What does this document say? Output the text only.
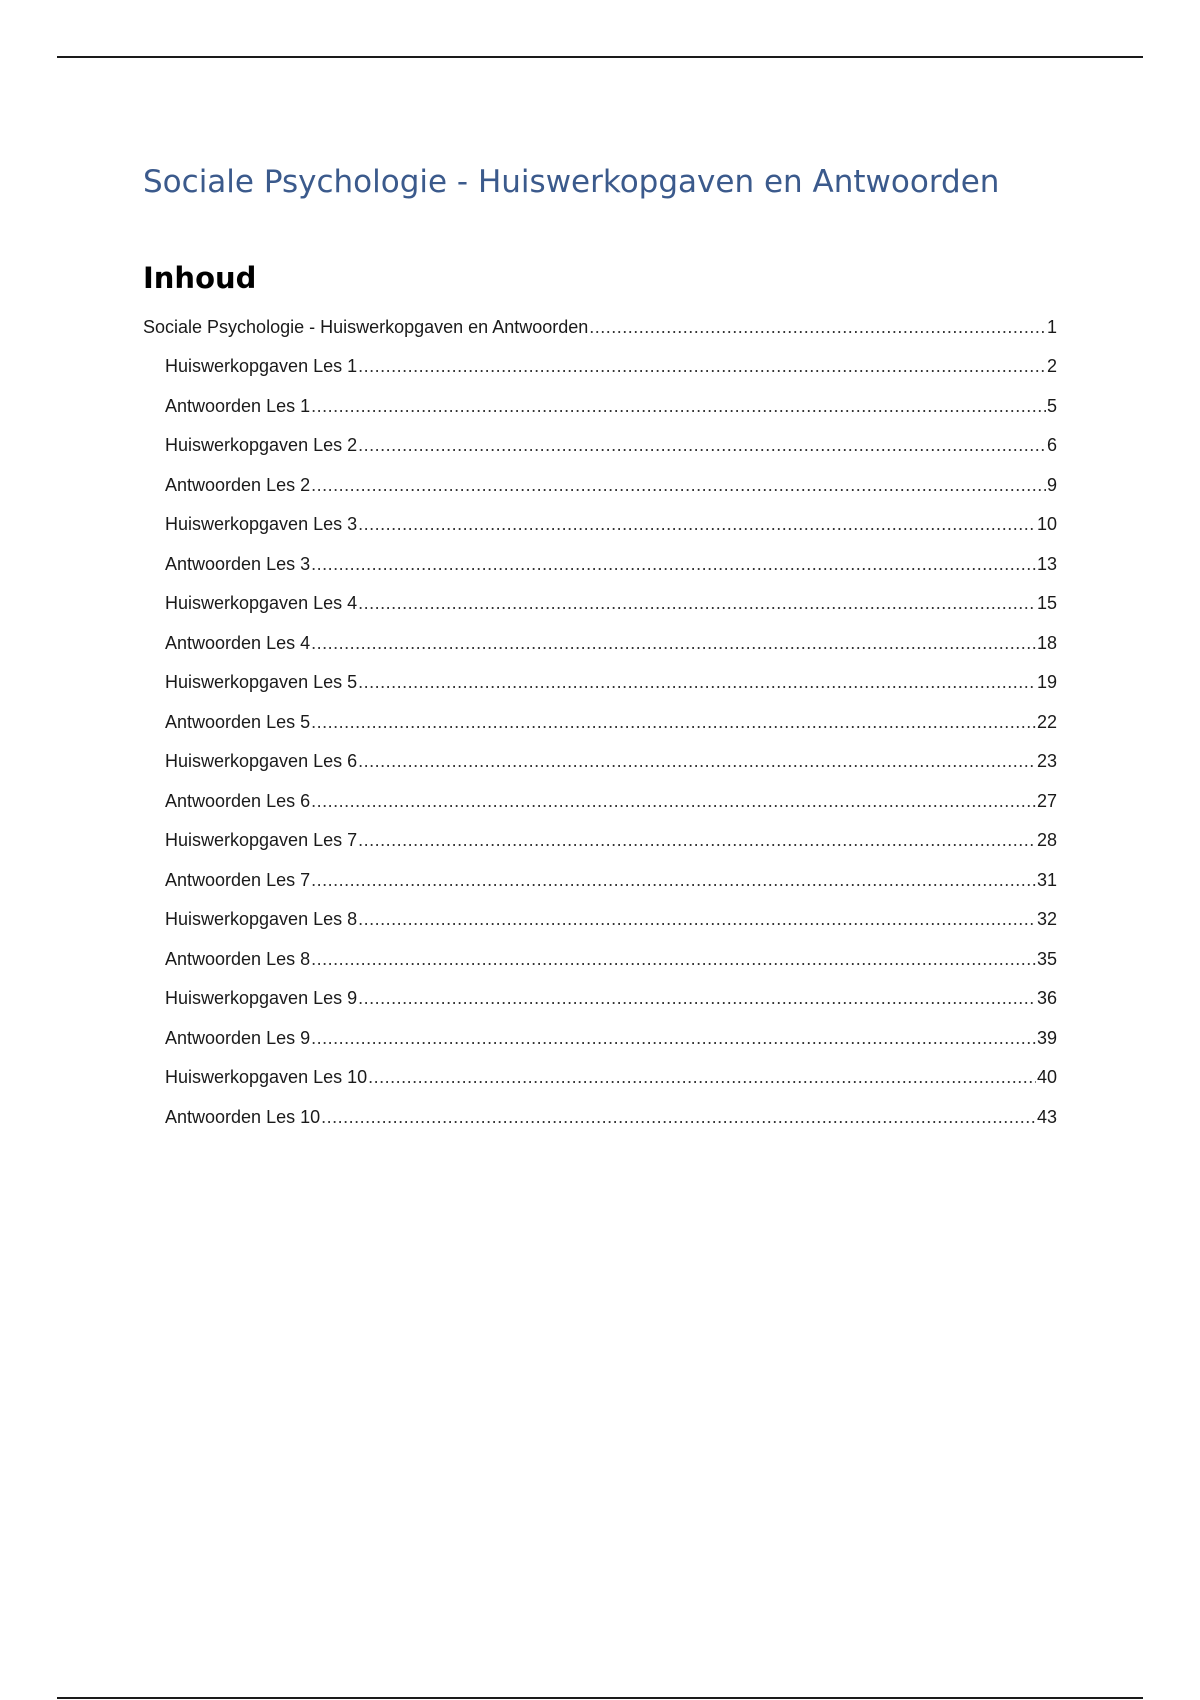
Sociale Psychologie - Huiswerkopgaven en Antwoorden
Inhoud
Sociale Psychologie - Huiswerkopgaven en Antwoorden .....	1
Huiswerkopgaven Les 1 .....	2
Antwoorden Les 1 .....	5
Huiswerkopgaven Les 2 .....	6
Antwoorden Les 2 .....	9
Huiswerkopgaven Les 3 .....	10
Antwoorden Les 3 .....	13
Huiswerkopgaven Les 4 .....	15
Antwoorden Les 4 .....	18
Huiswerkopgaven Les 5 .....	19
Antwoorden Les 5 .....	22
Huiswerkopgaven Les 6 .....	23
Antwoorden Les 6 .....	27
Huiswerkopgaven Les 7 .....	28
Antwoorden Les 7 .....	31
Huiswerkopgaven Les 8 .....	32
Antwoorden Les 8 .....	35
Huiswerkopgaven Les 9 .....	36
Antwoorden Les 9 .....	39
Huiswerkopgaven Les 10 .....	40
Antwoorden Les 10 .....	43
